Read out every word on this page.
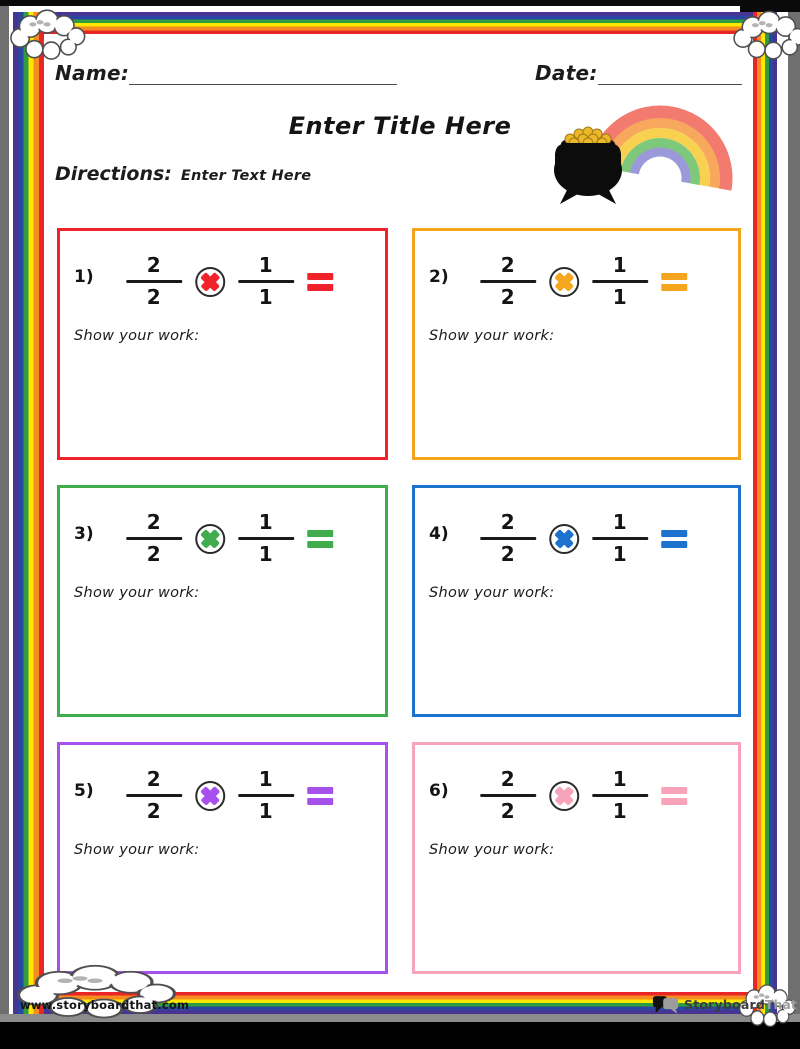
Name:	Date:
Enter Title Here
Directions: Enter Text Here
$1) \frac{2}{2}$	$\frac{1}{1}$
Show your work:
$2) \frac{2}{2}$	$\frac{1}{1}$
Show your work:
$3) \frac{2}{2}$	$\frac{1}{1}$
Show your work:
$4) \frac{2}{2}$	$\frac{1}{1}$
Show your work:
$5) \frac{2}{2}$	$\frac{1}{1}$
Show your work:
$6) \frac{2}{2}$	$\frac{1}{1}$
Show your work:
www.storyboardthat.com	Storyboard That
